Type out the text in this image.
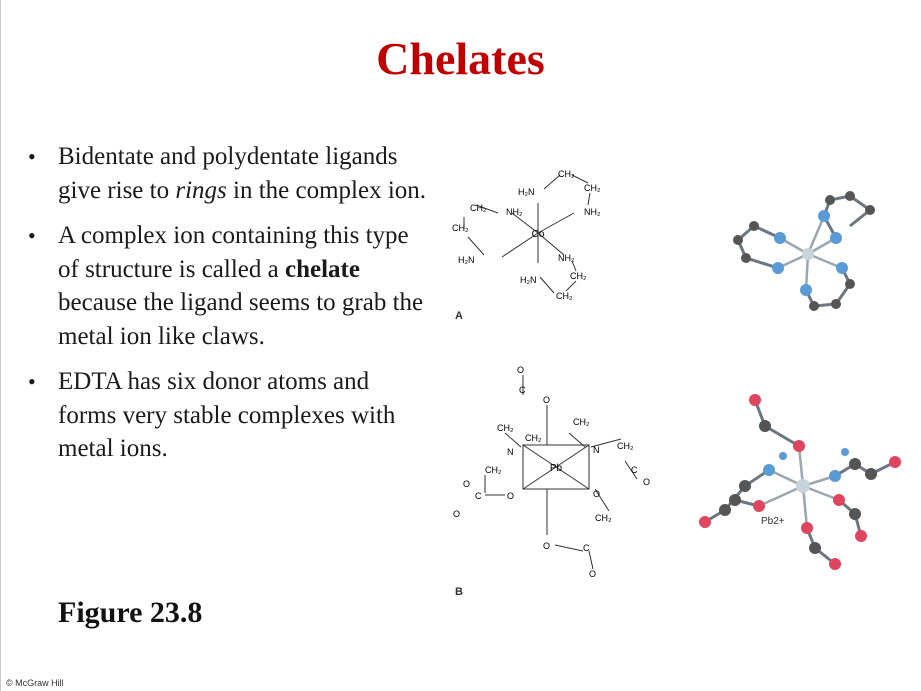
Chelates
• Bidentate and polydentate ligands give rise to rings in the complex ion.
• A complex ion containing this type of structure is called a chelate because the ligand seems to grab the metal ion like claws.
• EDTA has six donor atoms and forms very stable complexes with metal ions.
Co
CH₂
CH₂
H₂N
NH₂
NH₂
H₂N	NH₂
H₂N	CH₂
CH₂
CH₂
CH₂
A
Pb
O
O
CH₂
CH₂
CH₂
N	N
CH₂
O
O
C	O
CH₂
O	C
O
CH₂
C
O
C
O
B
Pb2+
Figure 23.8
© McGraw Hill
